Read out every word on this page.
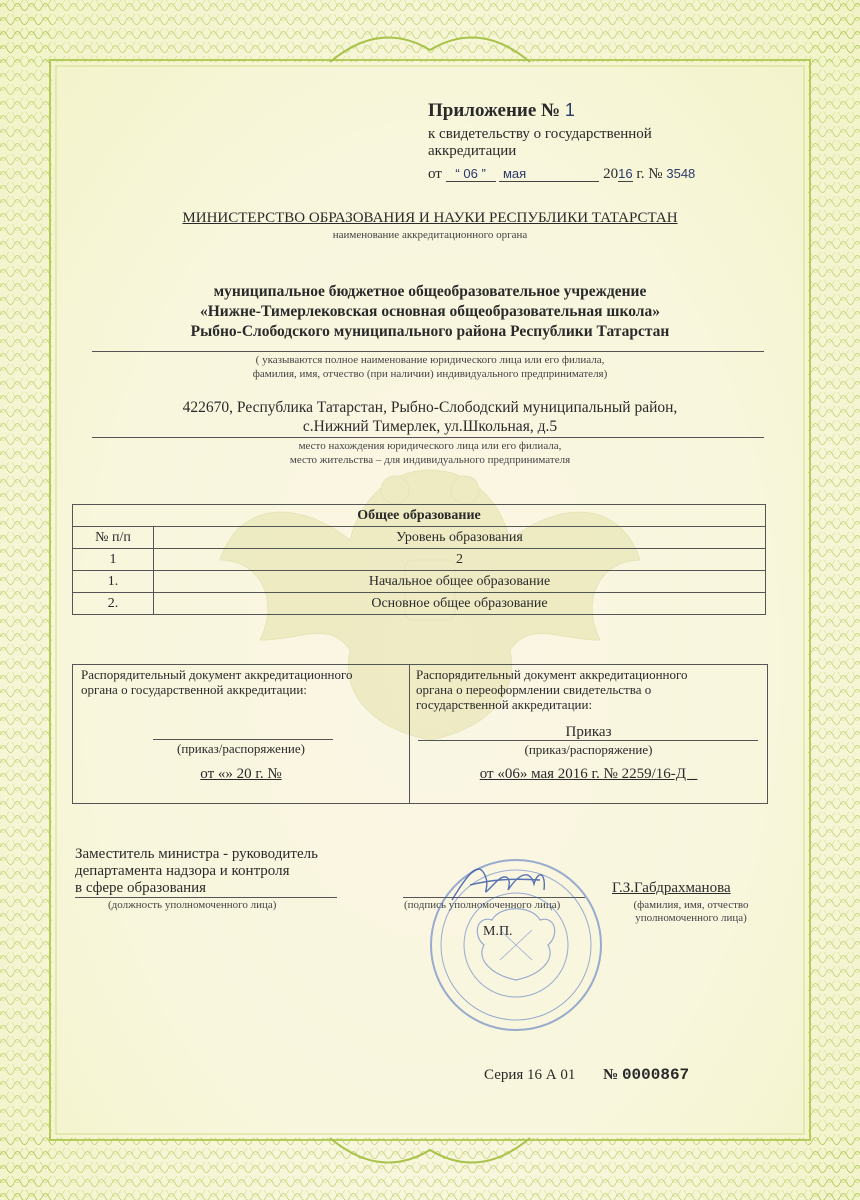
Приложение № 1
к свидетельству о государственной
аккредитации
от “ 06 ” мая	2016 г. № 3548
МИНИСТЕРСТВО ОБРАЗОВАНИЯ И НАУКИ РЕСПУБЛИКИ ТАТАРСТАН
наименование аккредитационного органа
муниципальное бюджетное общеобразовательное учреждение
«Нижне-Тимерлековская основная общеобразовательная школа»
Рыбно-Слободского муниципального района Республики Татарстан
( указываются полное наименование юридического лица или его филиала,
фамилия, имя, отчество (при наличии) индивидуального предпринимателя)
422670, Республика Татарстан, Рыбно-Слободский муниципальный район,
с.Нижний Тимерлек, ул.Школьная, д.5
место нахождения юридического лица или его филиала,
место жительства – для индивидуального предпринимателя
Общее образование	
№ п/п	Уровень образования
1	2
1.	Начальное общее образование
2.	Основное общее образование
Распорядительный документ аккредитационного
органа о государственной аккредитации:
(приказ/распоряжение)
от «» 20 г. №
Распорядительный документ аккредитационного
органа о переоформлении свидетельства о
государственной аккредитации:
Приказ
(приказ/распоряжение)
от «06» мая 2016 г. № 2259/16-Д _
Заместитель министра - руководитель
департамента надзора и контроля
в сфере образования
(должность уполномоченного лица)	(подпись уполномоченного лица)
Г.З.Габдрахманова
(фамилия, имя, отчество
уполномоченного лица)
М.П.
Серия 16 А 01 № 0000867
